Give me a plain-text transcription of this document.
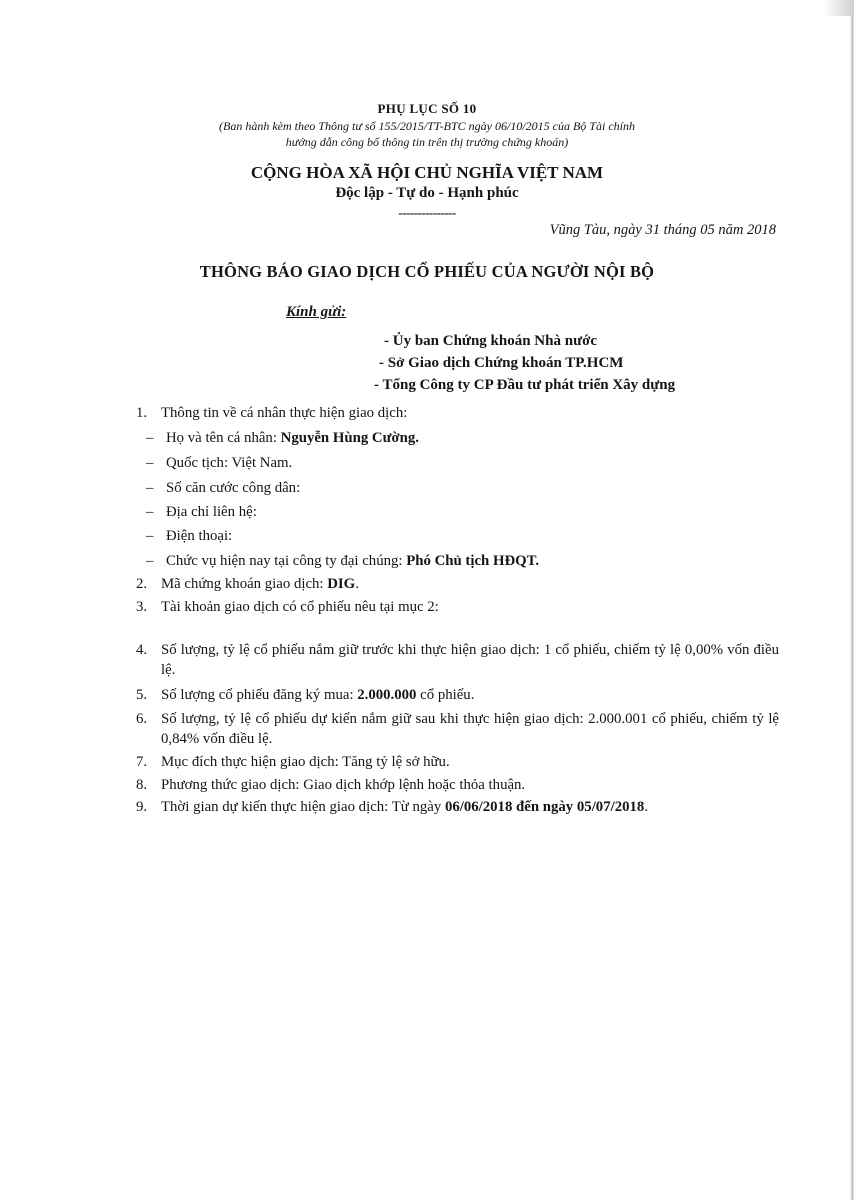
PHỤ LỤC SỐ 10
(Ban hành kèm theo Thông tư số 155/2015/TT-BTC ngày 06/10/2015 của Bộ Tài chính
hướng dẫn công bố thông tin trên thị trường chứng khoán)
CỘNG HÒA XÃ HỘI CHỦ NGHĨA VIỆT NAM
Độc lập - Tự do - Hạnh phúc
---------------
Vũng Tàu, ngày 31 tháng 05 năm 2018
THÔNG BÁO GIAO DỊCH CỔ PHIẾU CỦA NGƯỜI NỘI BỘ
Kính gửi:
- Ủy ban Chứng khoán Nhà nước
- Sở Giao dịch Chứng khoán TP.HCM
- Tổng Công ty CP Đầu tư phát triển Xây dựng
1. Thông tin về cá nhân thực hiện giao dịch:
– Họ và tên cá nhân: Nguyễn Hùng Cường.
– Quốc tịch: Việt Nam.
– Số căn cước công dân:
– Địa chỉ liên hệ:
– Điện thoại:
– Chức vụ hiện nay tại công ty đại chúng: Phó Chủ tịch HĐQT.
2. Mã chứng khoán giao dịch: DIG.
3. Tài khoản giao dịch có cổ phiếu nêu tại mục 2:
4. Số lượng, tỷ lệ cổ phiếu nắm giữ trước khi thực hiện giao dịch: 1 cổ phiếu, chiếm tỷ lệ 0,00% vốn điều lệ.
5. Số lượng cổ phiếu đăng ký mua: 2.000.000 cổ phiếu.
6. Số lượng, tỷ lệ cổ phiếu dự kiến nắm giữ sau khi thực hiện giao dịch: 2.000.001 cổ phiếu, chiếm tỷ lệ 0,84% vốn điều lệ.
7. Mục đích thực hiện giao dịch: Tăng tỷ lệ sở hữu.
8. Phương thức giao dịch: Giao dịch khớp lệnh hoặc thỏa thuận.
9. Thời gian dự kiến thực hiện giao dịch: Từ ngày 06/06/2018 đến ngày 05/07/2018.
